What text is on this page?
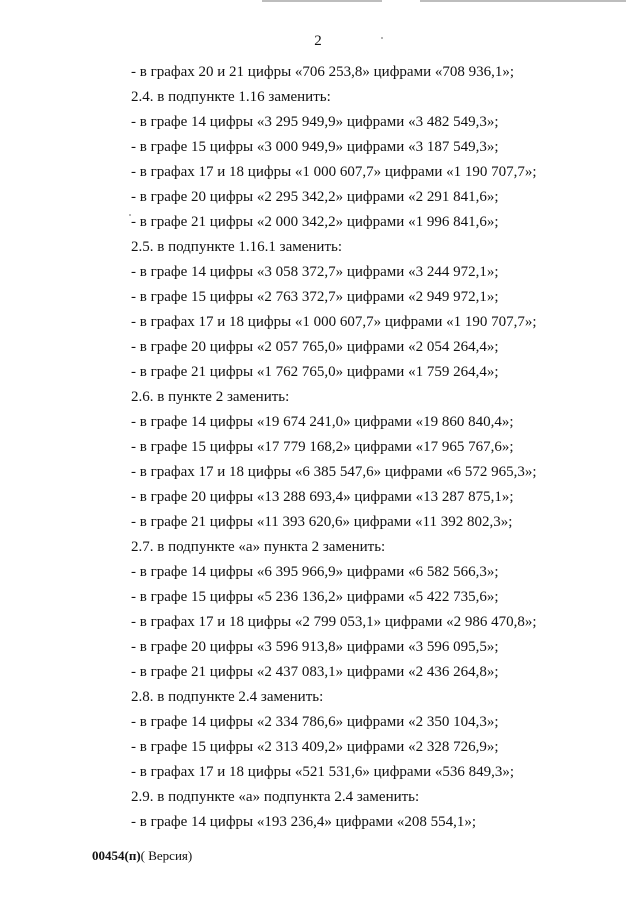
2
- в графах 20 и 21 цифры «706 253,8» цифрами «708 936,1»;
2.4. в подпункте 1.16 заменить:
- в графе 14 цифры «3 295 949,9» цифрами «3 482 549,3»;
- в графе 15 цифры «3 000 949,9» цифрами «3 187 549,3»;
- в графах 17 и 18 цифры «1 000 607,7» цифрами «1 190 707,7»;
- в графе 20 цифры «2 295 342,2» цифрами «2 291 841,6»;
- в графе 21 цифры «2 000 342,2» цифрами «1 996 841,6»;
2.5. в подпункте 1.16.1 заменить:
- в графе 14 цифры «3 058 372,7» цифрами «3 244 972,1»;
- в графе 15 цифры «2 763 372,7» цифрами «2 949 972,1»;
- в графах 17 и 18 цифры «1 000 607,7» цифрами «1 190 707,7»;
- в графе 20 цифры «2 057 765,0» цифрами «2 054 264,4»;
- в графе 21 цифры «1 762 765,0» цифрами «1 759 264,4»;
2.6. в пункте 2 заменить:
- в графе 14 цифры «19 674 241,0» цифрами «19 860 840,4»;
- в графе 15 цифры «17 779 168,2» цифрами «17 965 767,6»;
- в графах 17 и 18 цифры «6 385 547,6» цифрами «6 572 965,3»;
- в графе 20 цифры «13 288 693,4» цифрами «13 287 875,1»;
- в графе 21 цифры «11 393 620,6» цифрами «11 392 802,3»;
2.7. в подпункте «а» пункта 2 заменить:
- в графе 14 цифры «6 395 966,9» цифрами «6 582 566,3»;
- в графе 15 цифры «5 236 136,2» цифрами «5 422 735,6»;
- в графах 17 и 18 цифры «2 799 053,1» цифрами «2 986 470,8»;
- в графе 20 цифры «3 596 913,8» цифрами «3 596 095,5»;
- в графе 21 цифры «2 437 083,1» цифрами «2 436 264,8»;
2.8. в подпункте 2.4 заменить:
- в графе 14 цифры «2 334 786,6» цифрами «2 350 104,3»;
- в графе 15 цифры «2 313 409,2» цифрами «2 328 726,9»;
- в графах 17 и 18 цифры «521 531,6» цифрами «536 849,3»;
2.9. в подпункте «а» подпункта 2.4 заменить:
- в графе 14 цифры «193 236,4» цифрами «208 554,1»;
00454(п)( Версия)
